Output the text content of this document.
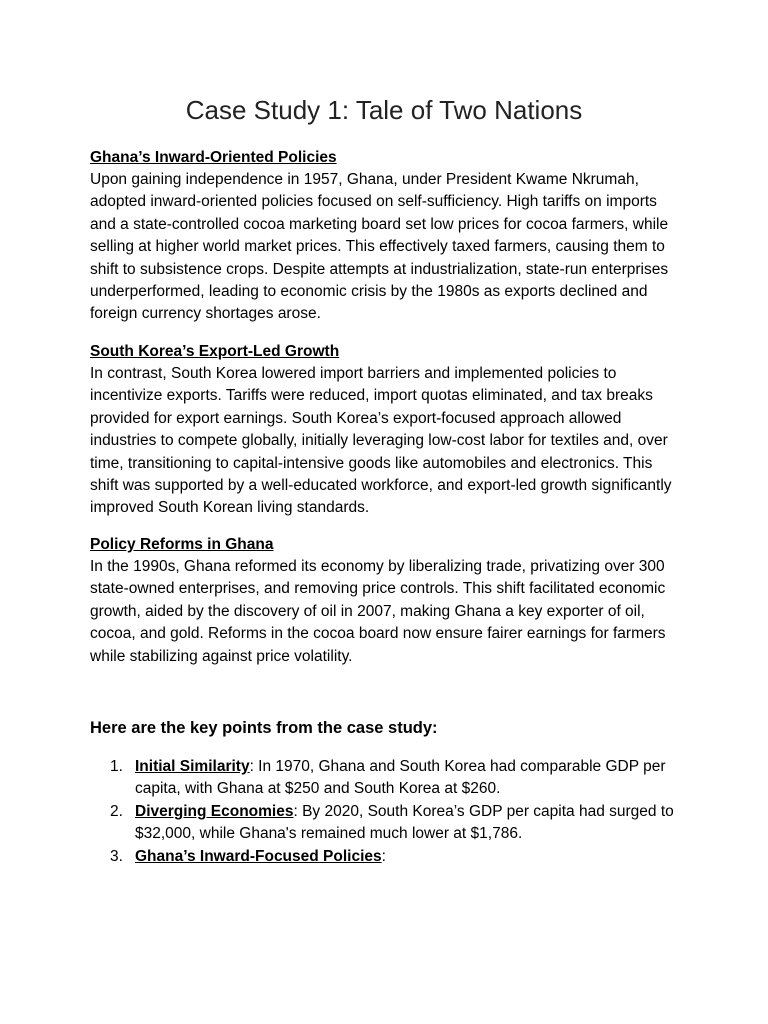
Case Study 1: Tale of Two Nations

Ghana’s Inward-Oriented Policies

Upon gaining independence in 1957, Ghana, under President Kwame Nkrumah, adopted inward-oriented policies focused on self-sufficiency. High tariffs on imports and a state-controlled cocoa marketing board set low prices for cocoa farmers, while selling at higher world market prices. This effectively taxed farmers, causing them to shift to subsistence crops. Despite attempts at industrialization, state-run enterprises underperformed, leading to economic crisis by the 1980s as exports declined and foreign currency shortages arose.

South Korea’s Export-Led Growth

In contrast, South Korea lowered import barriers and implemented policies to incentivize exports. Tariffs were reduced, import quotas eliminated, and tax breaks provided for export earnings. South Korea’s export-focused approach allowed industries to compete globally, initially leveraging low-cost labor for textiles and, over time, transitioning to capital-intensive goods like automobiles and electronics. This shift was supported by a well-educated workforce, and export-led growth significantly improved South Korean living standards.

Policy Reforms in Ghana

In the 1990s, Ghana reformed its economy by liberalizing trade, privatizing over 300 state-owned enterprises, and removing price controls. This shift facilitated economic growth, aided by the discovery of oil in 2007, making Ghana a key exporter of oil, cocoa, and gold. Reforms in the cocoa board now ensure fairer earnings for farmers while stabilizing against price volatility.

Here are the key points from the case study:

1. Initial Similarity: In 1970, Ghana and South Korea had comparable GDP per capita, with Ghana at $250 and South Korea at $260.
2. Diverging Economies: By 2020, South Korea’s GDP per capita had surged to $32,000, while Ghana's remained much lower at $1,786.
3. Ghana’s Inward-Focused Policies:
